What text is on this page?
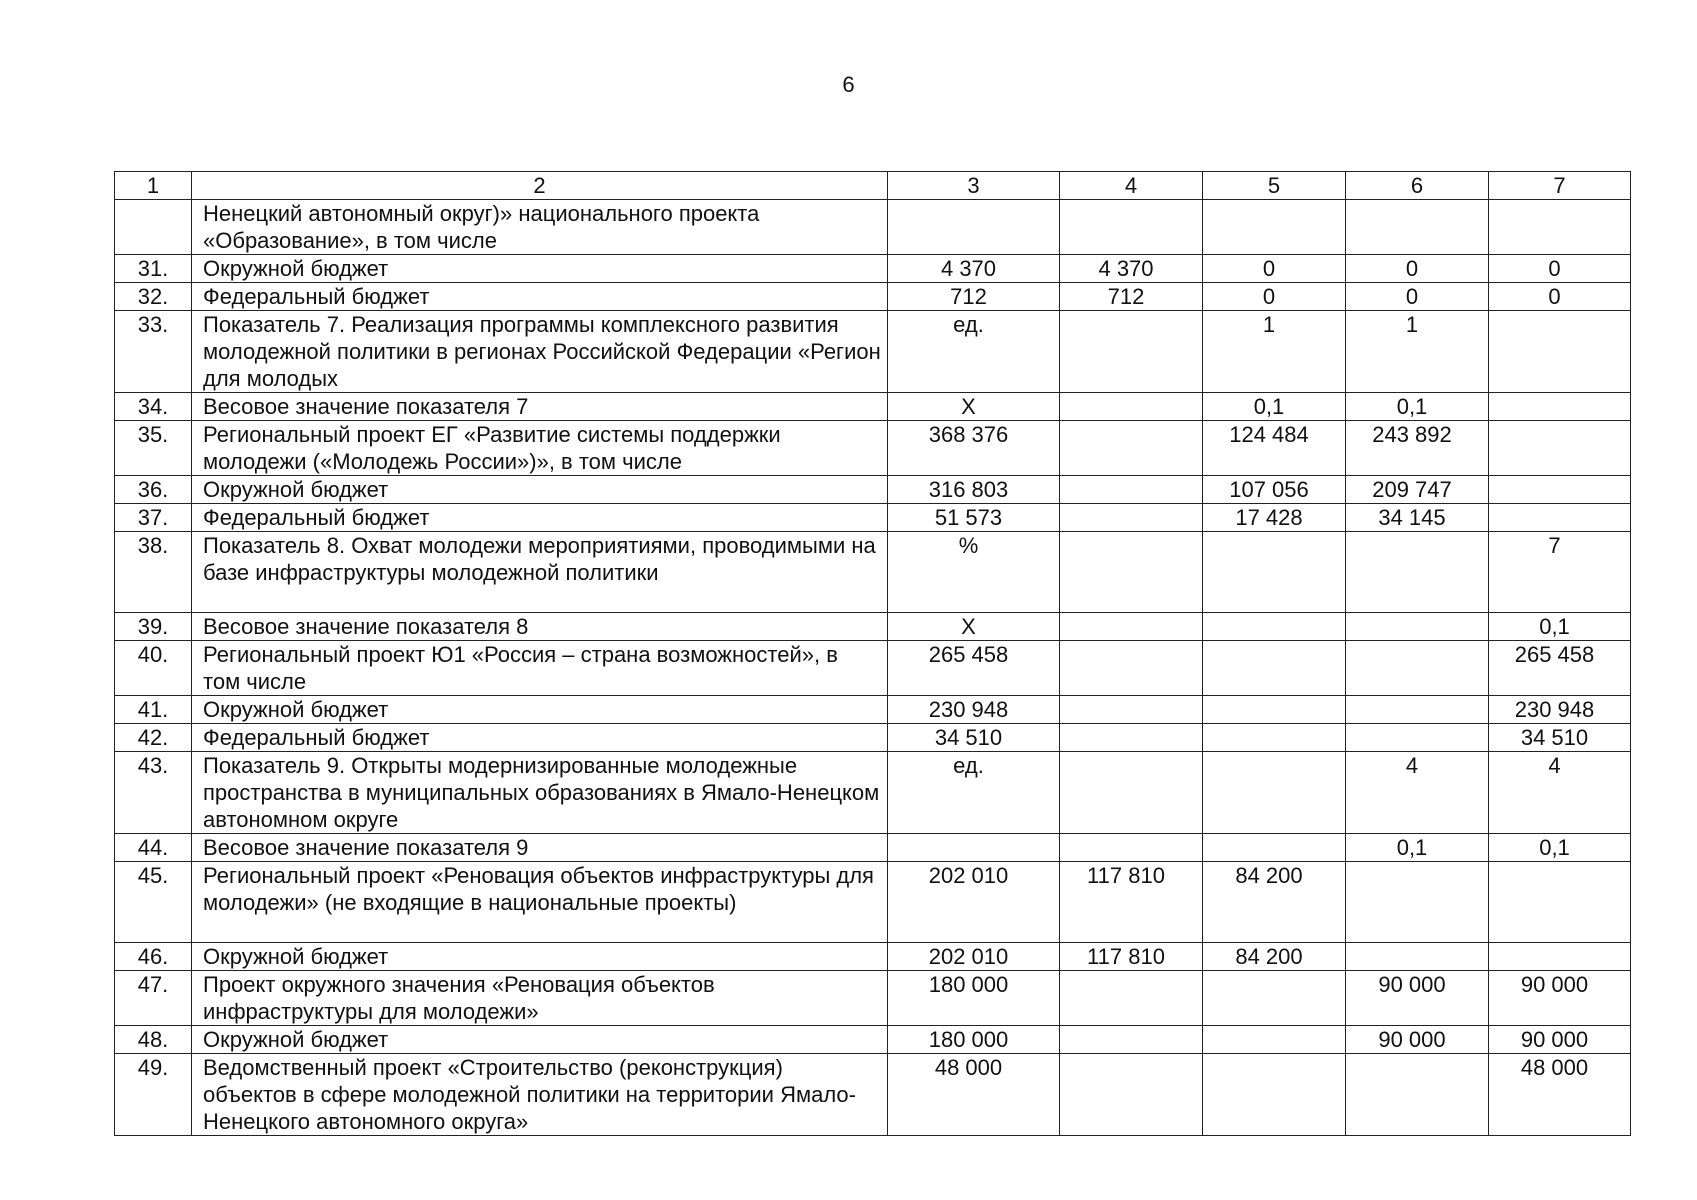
6
1	2	3	4	5	6	7
	Ненецкий автономный округ)» национального проекта «Образование», в том числе					
31.	Окружной бюджет	4 370	4 370	0	0	0
32.	Федеральный бюджет	712	712	0	0	0
33.	Показатель 7. Реализация программы комплексного развития молодежной политики в регионах Российской Федерации «Регион для молодых	ед.		1	1	
34.	Весовое значение показателя 7	X		0,1	0,1	
35.	Региональный проект ЕГ «Развитие системы поддержки молодежи («Молодежь России»)», в том числе	368 376		124 484	243 892	
36.	Окружной бюджет	316 803		107 056	209 747	
37.	Федеральный бюджет	51 573		17 428	34 145	
38.	Показатель 8. Охват молодежи мероприятиями, проводимыми на базе инфраструктуры молодежной политики	%				7
39.	Весовое значение показателя 8	X				0,1
40.	Региональный проект Ю1 «Россия – страна возможностей», в том числе	265 458				265 458
41.	Окружной бюджет	230 948				230 948
42.	Федеральный бюджет	34 510				34 510
43.	Показатель 9. Открыты модернизированные молодежные пространства в муниципальных образованиях в Ямало-Ненецком автономном округе	ед.			4	4
44.	Весовое значение показателя 9				0,1	0,1
45.	Региональный проект «Реновация объектов инфраструктуры для молодежи» (не входящие в национальные проекты)	202 010	117 810	84 200		
46.	Окружной бюджет	202 010	117 810	84 200		
47.	Проект окружного значения «Реновация объектов инфраструктуры для молодежи»	180 000			90 000	90 000
48.	Окружной бюджет	180 000			90 000	90 000
49.	Ведомственный проект «Строительство (реконструкция) объектов в сфере молодежной политики на территории Ямало-Ненецкого автономного округа»	48 000				48 000
